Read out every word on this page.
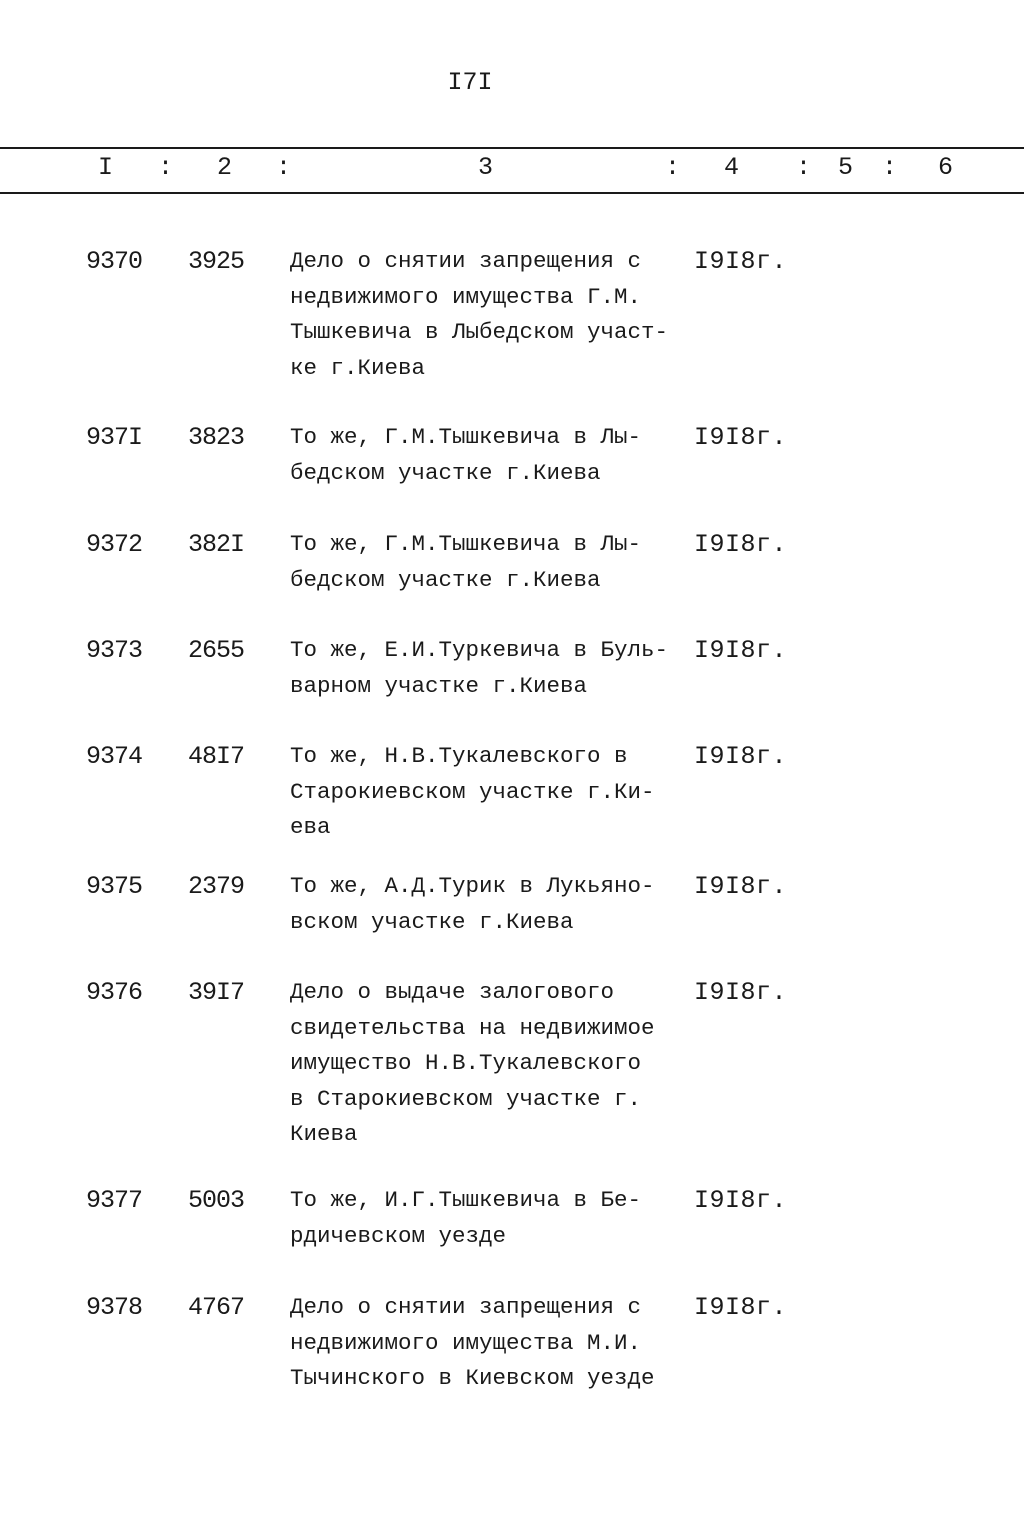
I7I
I : 2 :	3	: 4 : 5 : 6
9370 3925 Дело о снятии запрещения с
недвижимого имущества Г.М.
Тышкевича в Лыбедском участ-
ке г.Киева
I9I8г.
937I 3823 То же, Г.М.Тышкевича в Лы-
бедском участке г.Киева
I9I8г.
9372 382I То же, Г.М.Тышкевича в Лы-
бедском участке г.Киева
I9I8г.
9373 2655 То же, Е.И.Туркевича в Буль-
варном участке г.Киева
I9I8г.
9374 48I7 То же, Н.В.Тукалевского в
Старокиевском участке г.Ки-
ева
I9I8г.
9375 2379 То же, А.Д.Турик в Лукьяно-
вском участке г.Киева
I9I8г.
9376 39I7 Дело о выдаче залогового
свидетельства на недвижимое
имущество Н.В.Тукалевского
в Старокиевском участке г.
Киева
I9I8г.
9377 5003 То же, И.Г.Тышкевича в Бе-
рдичевском уезде
I9I8г.
9378 4767 Дело о снятии запрещения с
недвижимого имущества М.И.
Тычинского в Киевском уезде
I9I8г.
